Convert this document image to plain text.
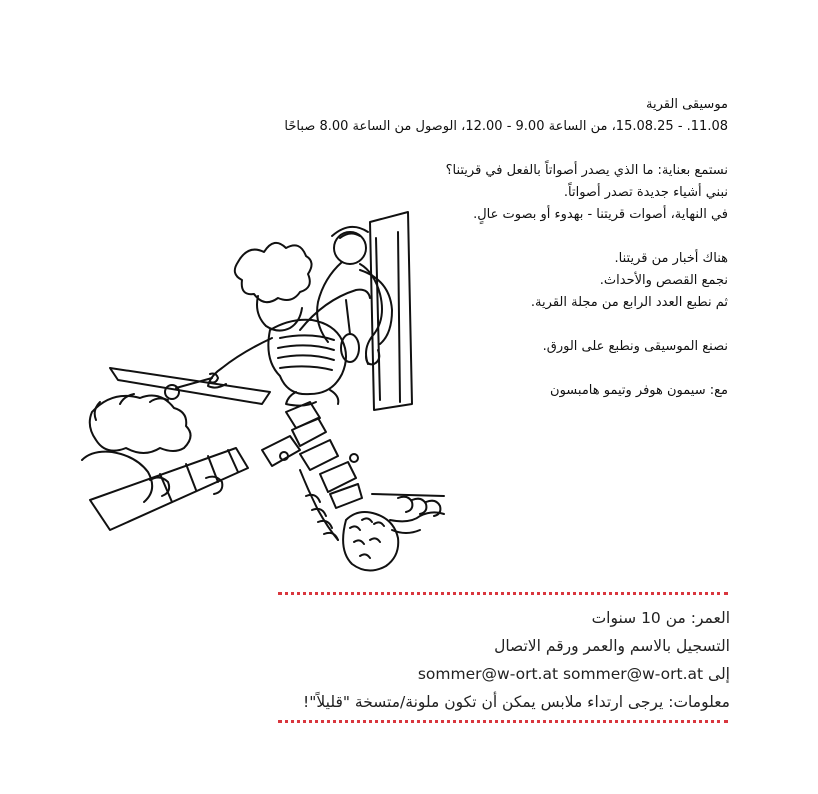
موسيقى القرية

11.08. - 15.08.25، من الساعة 9.00 - 12.00، الوصول من الساعة 8.00 صباحًا

نستمع بعناية: ما الذي يصدر أصواتاً بالفعل في قريتنا؟

نبني أشياء جديدة تصدر أصواتاً.

في النهاية، أصوات قريتنا - بهدوء أو بصوت عالٍ.

هناك أخبار من قريتنا.

نجمع القصص والأحداث.

ثم نطبع العدد الرابع من مجلة القرية.

نصنع الموسيقى ونطبع على الورق.

مع: سيمون هوفر وتيمو هامبسون

العمر: من 10 سنوات

التسجيل بالاسم والعمر ورقم الاتصال

إلى sommer@w-ort.at sommer@w-ort.at

معلومات: يرجى ارتداء ملابس يمكن أن تكون ملونة/متسخة "قليلاً"!
